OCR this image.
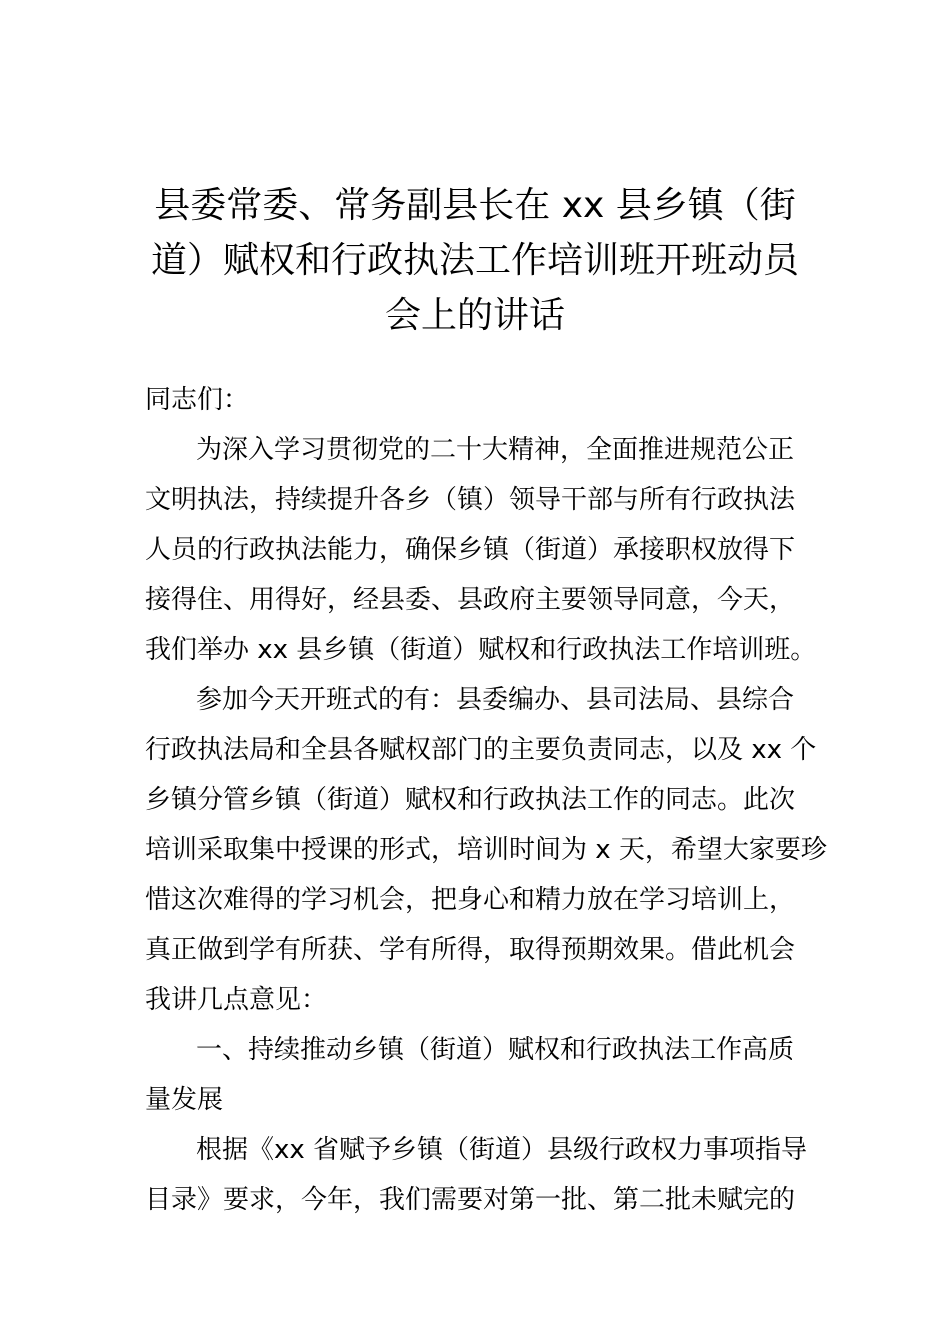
县委常委、常务副县长在 xx 县乡镇（街
道）赋权和行政执法工作培训班开班动员
会上的讲话
同志们：
为深入学习贯彻党的二十大精神，全面推进规范公正
文明执法，持续提升各乡（镇）领导干部与所有行政执法
人员的行政执法能力，确保乡镇（街道）承接职权放得下
接得住、用得好，经县委、县政府主要领导同意，今天，
我们举办 xx 县乡镇（街道）赋权和行政执法工作培训班。
参加今天开班式的有：县委编办、县司法局、县综合
行政执法局和全县各赋权部门的主要负责同志，以及 xx 个
乡镇分管乡镇（街道）赋权和行政执法工作的同志。此次
培训采取集中授课的形式，培训时间为 x 天，希望大家要珍
惜这次难得的学习机会，把身心和精力放在学习培训上，
真正做到学有所获、学有所得，取得预期效果。借此机会
我讲几点意见：
一、持续推动乡镇（街道）赋权和行政执法工作高质
量发展
根据《xx 省赋予乡镇（街道）县级行政权力事项指导
目录》要求，今年，我们需要对第一批、第二批未赋完的
